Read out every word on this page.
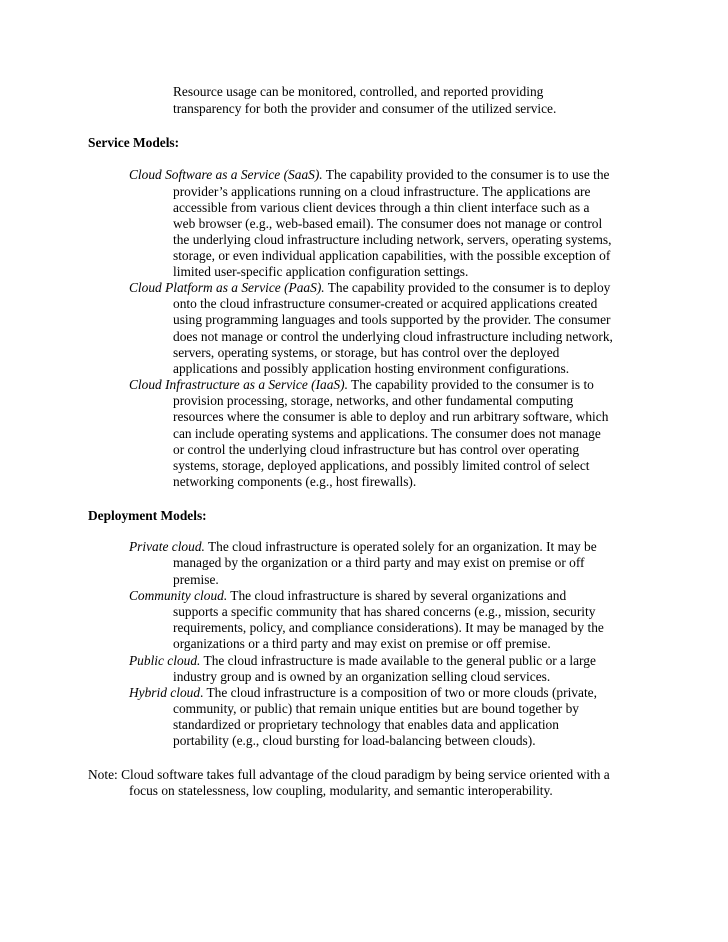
Resource usage can be monitored, controlled, and reported providing
transparency for both the provider and consumer of the utilized service.
Service Models:
Cloud Software as a Service (SaaS). The capability provided to the consumer is to use the
provider’s applications running on a cloud infrastructure. The applications are
accessible from various client devices through a thin client interface such as a
web browser (e.g., web-based email). The consumer does not manage or control
the underlying cloud infrastructure including network, servers, operating systems,
storage, or even individual application capabilities, with the possible exception of
limited user-specific application configuration settings.
Cloud Platform as a Service (PaaS). The capability provided to the consumer is to deploy
onto the cloud infrastructure consumer-created or acquired applications created
using programming languages and tools supported by the provider. The consumer
does not manage or control the underlying cloud infrastructure including network,
servers, operating systems, or storage, but has control over the deployed
applications and possibly application hosting environment configurations.
Cloud Infrastructure as a Service (IaaS). The capability provided to the consumer is to
provision processing, storage, networks, and other fundamental computing
resources where the consumer is able to deploy and run arbitrary software, which
can include operating systems and applications. The consumer does not manage
or control the underlying cloud infrastructure but has control over operating
systems, storage, deployed applications, and possibly limited control of select
networking components (e.g., host firewalls).
Deployment Models:
Private cloud. The cloud infrastructure is operated solely for an organization. It may be
managed by the organization or a third party and may exist on premise or off
premise.
Community cloud. The cloud infrastructure is shared by several organizations and
supports a specific community that has shared concerns (e.g., mission, security
requirements, policy, and compliance considerations). It may be managed by the
organizations or a third party and may exist on premise or off premise.
Public cloud. The cloud infrastructure is made available to the general public or a large
industry group and is owned by an organization selling cloud services.
Hybrid cloud. The cloud infrastructure is a composition of two or more clouds (private,
community, or public) that remain unique entities but are bound together by
standardized or proprietary technology that enables data and application
portability (e.g., cloud bursting for load-balancing between clouds).
Note: Cloud software takes full advantage of the cloud paradigm by being service oriented with a
focus on statelessness, low coupling, modularity, and semantic interoperability.
